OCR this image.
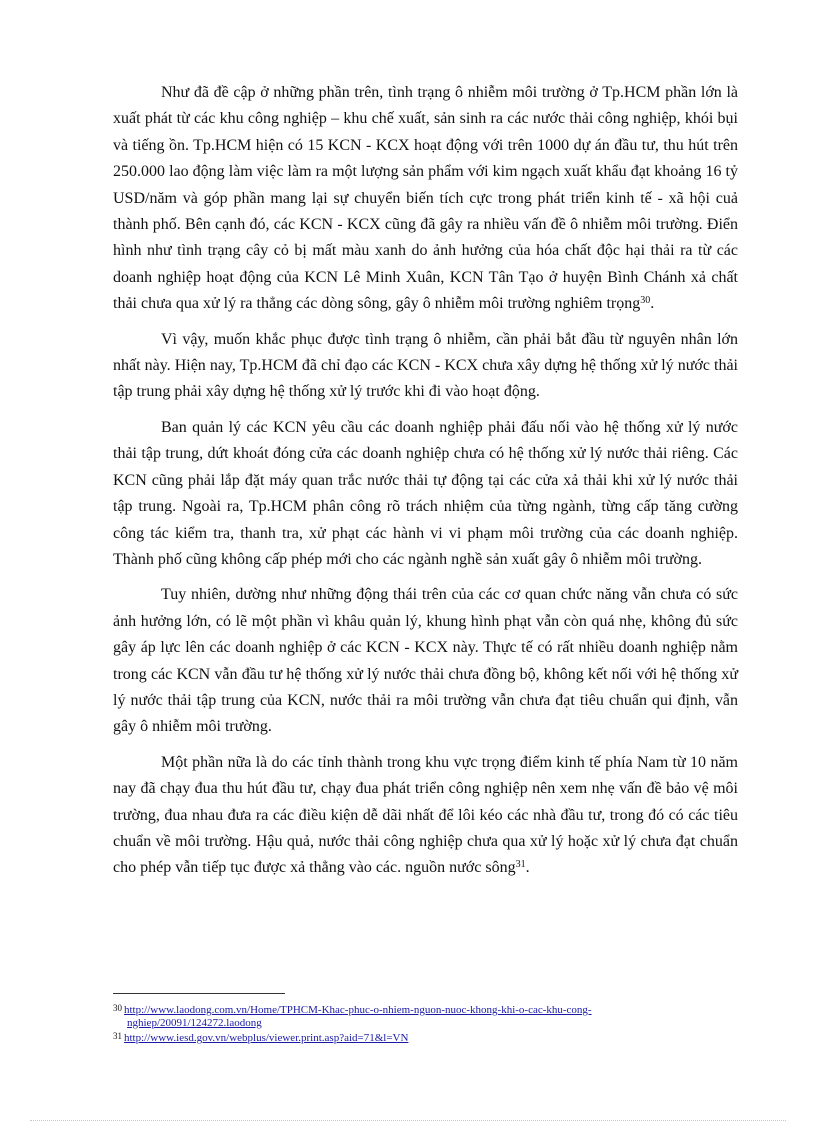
Như đã đề cập ở những phần trên, tình trạng ô nhiễm môi trường ở Tp.HCM phần lớn là xuất phát từ các khu công nghiệp – khu chế xuất, sản sinh ra các nước thải công nghiệp, khói bụi và tiếng ồn. Tp.HCM hiện có 15 KCN - KCX hoạt động với trên 1000 dự án đầu tư, thu hút trên 250.000 lao động làm việc làm ra một lượng sản phẩm với kim ngạch xuất khẩu đạt khoảng 16 tỷ USD/năm và góp phần mang lại sự chuyển biến tích cực trong phát triển kinh tế - xã hội cuả thành phố. Bên cạnh đó, các KCN - KCX cũng đã gây ra nhiều vấn đề ô nhiễm môi trường. Điển hình như tình trạng cây cỏ bị mất màu xanh do ảnh hưởng của hóa chất độc hại thải ra từ các doanh nghiệp hoạt động của KCN Lê Minh Xuân, KCN Tân Tạo ở huyện Bình Chánh xả chất thải chưa qua xử lý ra thẳng các dòng sông, gây ô nhiễm môi trường nghiêm trọng$^{30}$.

Vì vậy, muốn khắc phục được tình trạng ô nhiễm, cần phải bắt đầu từ nguyên nhân lớn nhất này. Hiện nay, Tp.HCM đã chỉ đạo các KCN - KCX chưa xây dựng hệ thống xử lý nước thải tập trung phải xây dựng hệ thống xử lý trước khi đi vào hoạt động.

Ban quản lý các KCN yêu cầu các doanh nghiệp phải đấu nối vào hệ thống xử lý nước thải tập trung, dứt khoát đóng cửa các doanh nghiệp chưa có hệ thống xử lý nước thải riêng. Các KCN cũng phải lắp đặt máy quan trắc nước thải tự động tại các cửa xả thải khi xử lý nước thải tập trung. Ngoài ra, Tp.HCM phân công rõ trách nhiệm của từng ngành, từng cấp tăng cường công tác kiểm tra, thanh tra, xử phạt các hành vi vi phạm môi trường của các doanh nghiệp. Thành phố cũng không cấp phép mới cho các ngành nghề sản xuất gây ô nhiễm môi trường.

Tuy nhiên, dường như những động thái trên của các cơ quan chức năng vẫn chưa có sức ảnh hưởng lớn, có lẽ một phần vì khâu quản lý, khung hình phạt vẫn còn quá nhẹ, không đủ sức gây áp lực lên các doanh nghiệp ở các KCN - KCX này. Thực tế có rất nhiều doanh nghiệp nằm trong các KCN vẫn đầu tư hệ thống xử lý nước thải chưa đồng bộ, không kết nối với hệ thống xử lý nước thải tập trung của KCN, nước thải ra môi trường vẫn chưa đạt tiêu chuẩn qui định, vẫn gây ô nhiễm môi trường.

Một phần nữa là do các tỉnh thành trong khu vực trọng điểm kinh tế phía Nam từ 10 năm nay đã chạy đua thu hút đầu tư, chạy đua phát triển công nghiệp nên xem nhẹ vấn đề bảo vệ môi trường, đua nhau đưa ra các điều kiện dễ dãi nhất để lôi kéo các nhà đầu tư, trong đó có các tiêu chuẩn về môi trường. Hậu quả, nước thải công nghiệp chưa qua xử lý hoặc xử lý chưa đạt chuẩn cho phép vẫn tiếp tục được xả thẳng vào các. nguồn nước sông$^{31}$.

30 http://www.laodong.com.vn/Home/TPHCM-Khac-phuc-o-nhiem-nguon-nuoc-khong-khi-o-cac-khu-cong-
nghiep/20091/124272.laodong
31 http://www.iesd.gov.vn/webplus/viewer.print.asp?aid=71&l=VN
